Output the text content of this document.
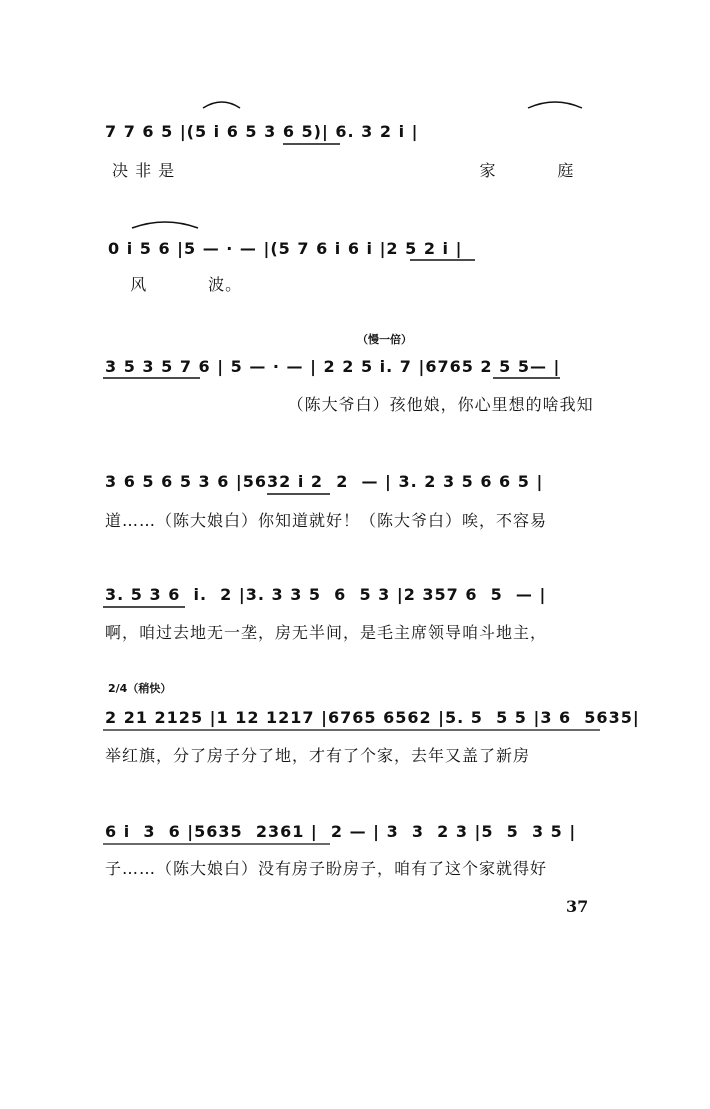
7 7 6 5 |(5 i 6 5 3 6 5)| 6. 3 2 i |
决 非 是                                                  家          庭
0 i 5 6 |5 — · — |(5 7 6 i 6 i |2 5 2 i |
风          波。
（慢一倍）
3 5 3 5 7 6 | 5 — · — | 2 2 5 i. 7 |6765 2 5 5— |
（陈大爷白）孩他娘，你心里想的啥我知
3 6 5 6 5 3 6 |5632 i 2  2  — | 3. 2 3 5 6 6 5 |
道……（陈大娘白）你知道就好！（陈大爷白）唉，不容易
3. 5 3 6  i.  2 |3. 3 3 5  6  5 3 |2 357 6  5  — |
啊，咱过去地无一垄，房无半间，是毛主席领导咱斗地主，
2/4（稍快）
2 21 2125 |1 12 1217 |6765 6562 |5. 5  5 5 |3 6  5635|
举红旗，分了房子分了地，才有了个家，去年又盖了新房
6 i  3  6 |5635  2361 |  2 — | 3  3  2 3 |5  5  3 5 |
子……（陈大娘白）没有房子盼房子，咱有了这个家就得好
37
